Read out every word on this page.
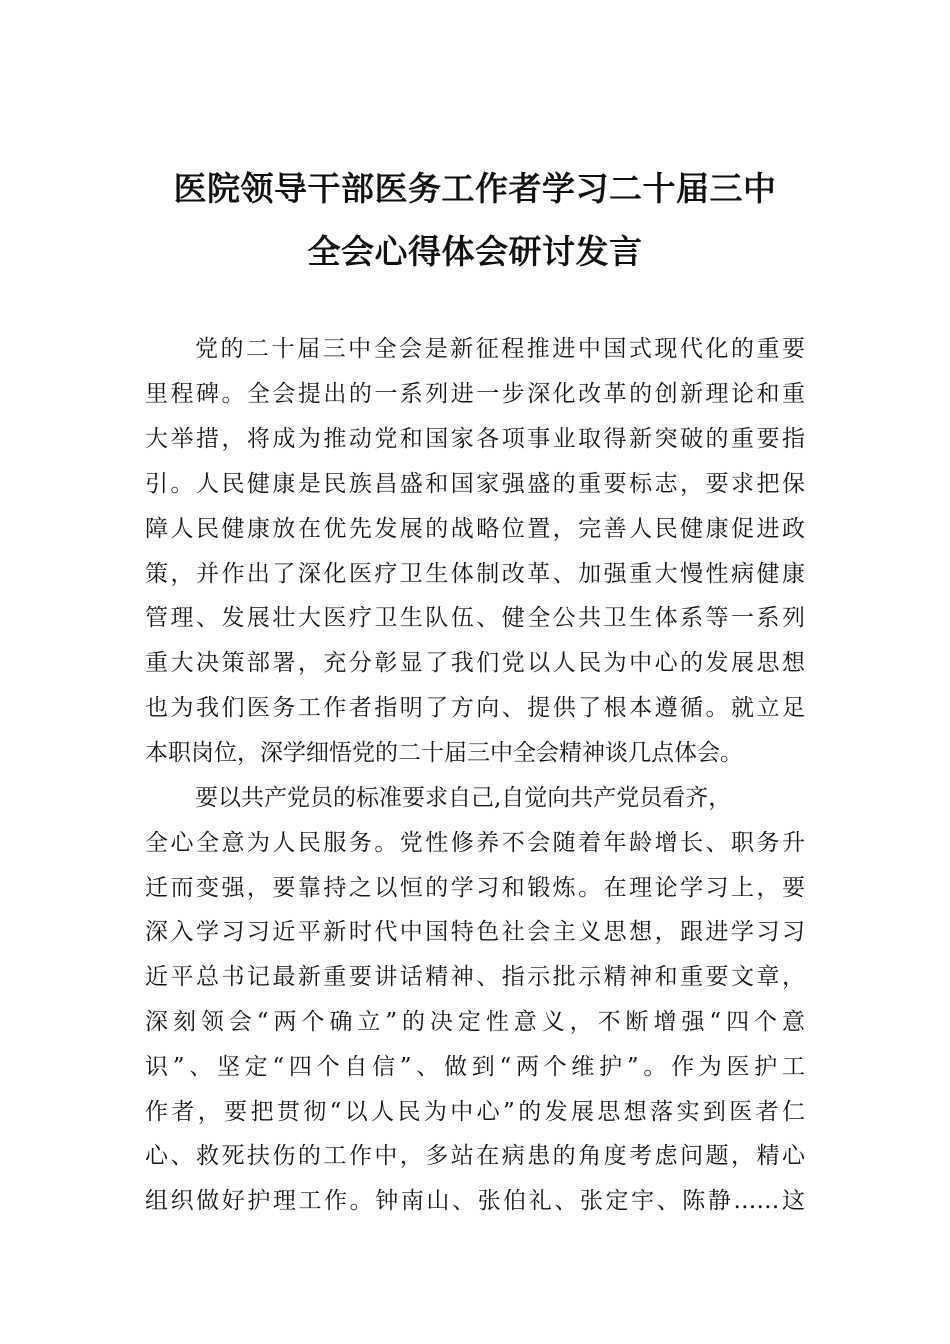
医院领导干部医务工作者学习二十届三中
全会心得体会研讨发言
党的二十届三中全会是新征程推进中国式现代化的重要
里程碑。全会提出的一系列进一步深化改革的创新理论和重
大举措，将成为推动党和国家各项事业取得新突破的重要指
引。人民健康是民族昌盛和国家强盛的重要标志，要求把保
障人民健康放在优先发展的战略位置，完善人民健康促进政
策，并作出了深化医疗卫生体制改革、加强重大慢性病健康
管理、发展壮大医疗卫生队伍、健全公共卫生体系等一系列
重大决策部署，充分彰显了我们党以人民为中心的发展思想
也为我们医务工作者指明了方向、提供了根本遵循。就立足
本职岗位，深学细悟党的二十届三中全会精神谈几点体会。
要以共产党员的标准要求自己,自觉向共产党员看齐，
全心全意为人民服务。党性修养不会随着年龄增长、职务升
迁而变强，要靠持之以恒的学习和锻炼。在理论学习上，要
深入学习习近平新时代中国特色社会主义思想，跟进学习习
近平总书记最新重要讲话精神、指示批示精神和重要文章，
深刻领会“两个确立”的决定性意义，不断增强“四个意
识”、坚定“四个自信”、做到“两个维护”。作为医护工
作者，要把贯彻“以人民为中心”的发展思想落实到医者仁
心、救死扶伤的工作中，多站在病患的角度考虑问题，精心
组织做好护理工作。钟南山、张伯礼、张定宇、陈静……这
